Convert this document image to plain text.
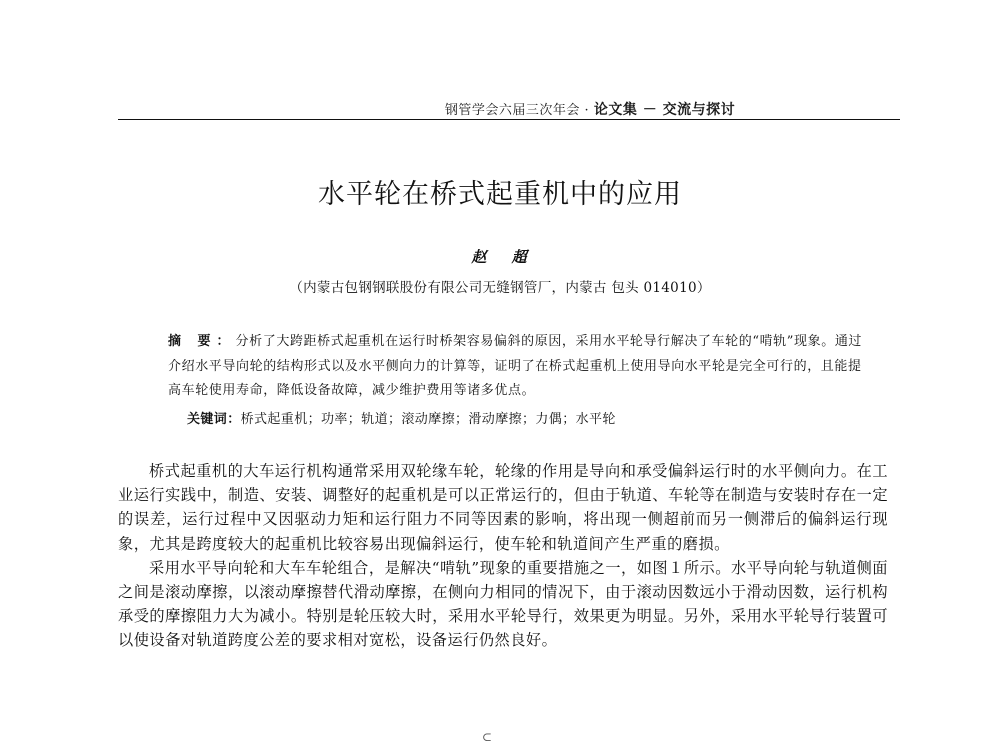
钢管学会六届三次年会 · 论文集 － 交流与探讨
水平轮在桥式起重机中的应用
赵 超
（内蒙古包钢钢联股份有限公司无缝钢管厂，内蒙古 包头 014010）
摘 要：分析了大跨距桥式起重机在运行时桥架容易偏斜的原因，采用水平轮导行解决了车轮的“啃轨”现象。通过介绍水平导向轮的结构形式以及水平侧向力的计算等，证明了在桥式起重机上使用导向水平轮是完全可行的，且能提高车轮使用寿命，降低设备故障，减少维护费用等诸多优点。
关键词：桥式起重机；功率；轨道；滚动摩擦；滑动摩擦；力偶；水平轮

桥式起重机的大车运行机构通常采用双轮缘车轮，轮缘的作用是导向和承受偏斜运行时的水平侧向力。在工业运行实践中，制造、安装、调整好的起重机是可以正常运行的，但由于轨道、车轮等在制造与安装时存在一定的误差，运行过程中又因驱动力矩和运行阻力不同等因素的影响，将出现一侧超前而另一侧滞后的偏斜运行现象，尤其是跨度较大的起重机比较容易出现偏斜运行，使车轮和轨道间产生严重的磨损。

采用水平导向轮和大车车轮组合，是解决“啃轨”现象的重要措施之一，如图１所示。水平导向轮与轨道侧面之间是滚动摩擦，以滚动摩擦替代滑动摩擦，在侧向力相同的情况下，由于滚动因数远小于滑动因数，运行机构承受的摩擦阻力大为减小。特别是轮压较大时，采用水平轮导行，效果更为明显。另外，采用水平轮导行装置可以使设备对轨道跨度公差的要求相对宽松，设备运行仍然良好。

⊂
